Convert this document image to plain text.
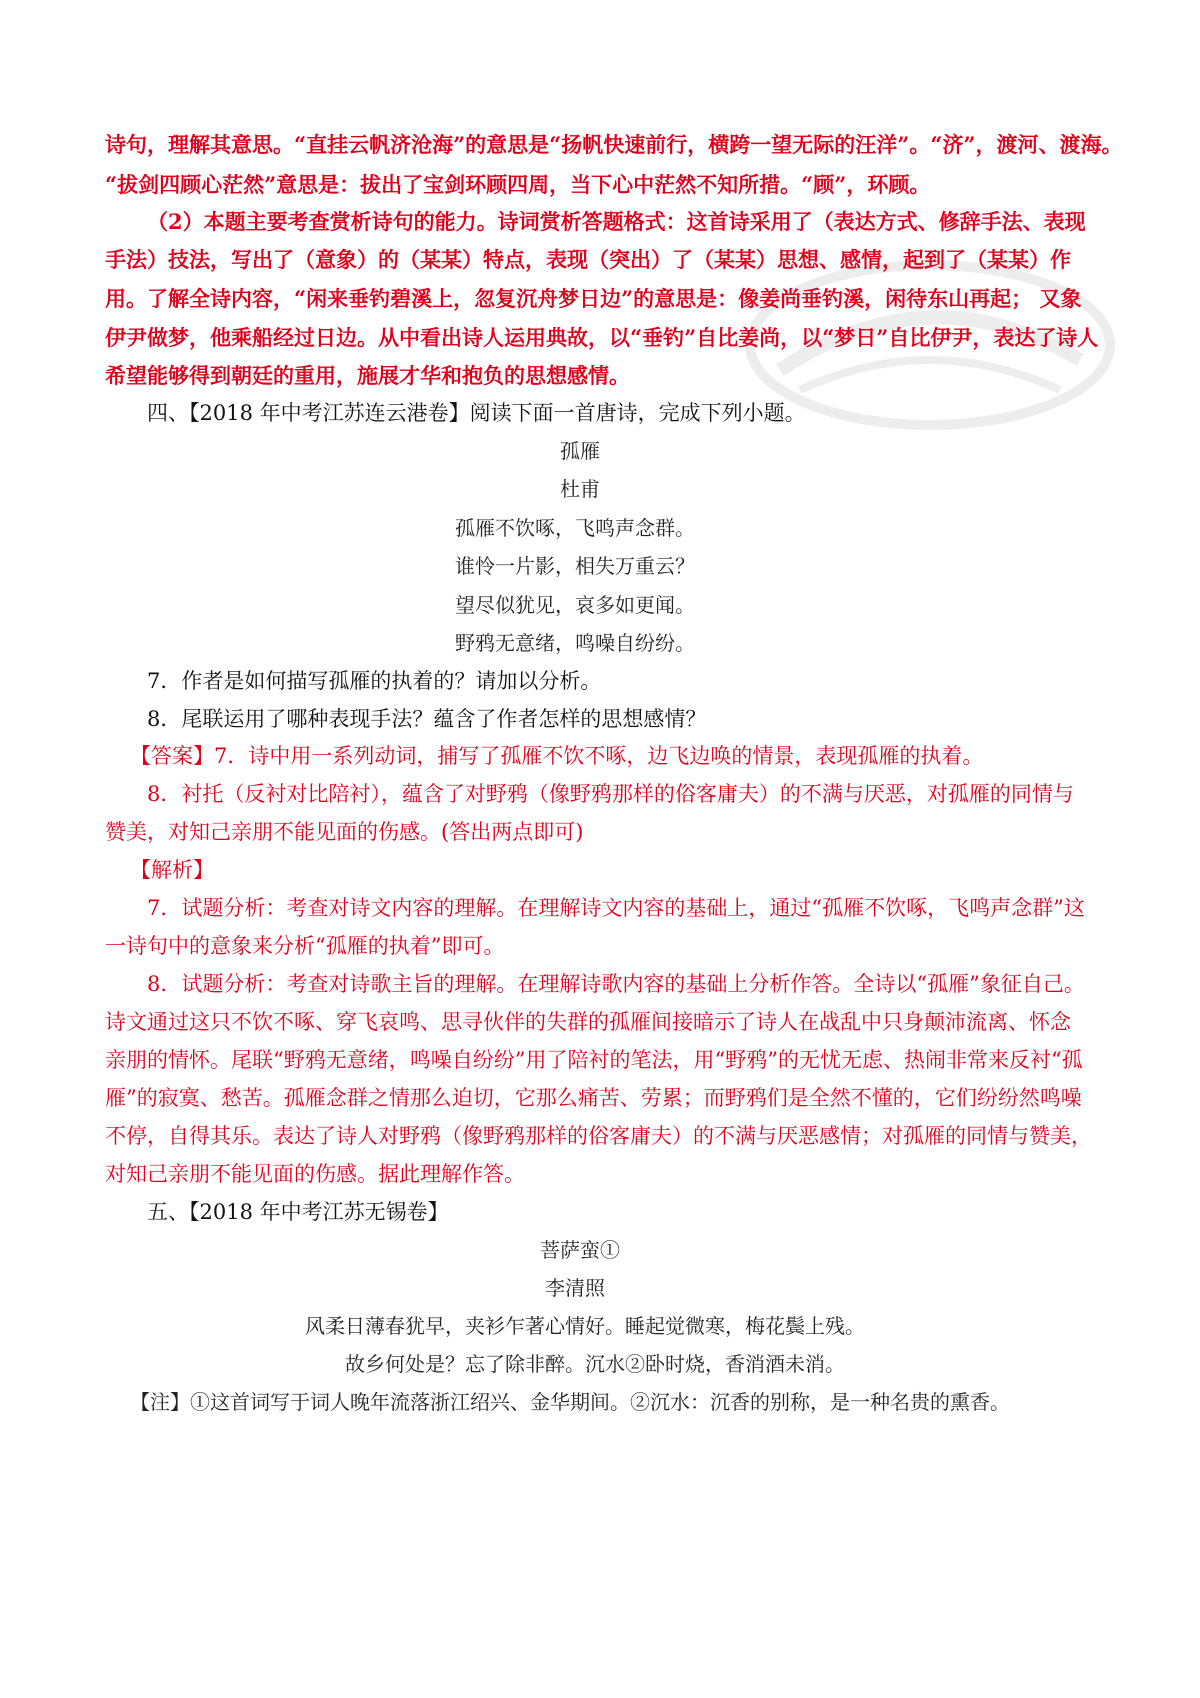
诗句，理解其意思。“直挂云帆济沧海”的意思是“扬帆快速前行，横跨一望无际的汪洋”。“济”，渡河、渡海。
“拔剑四顾心茫然”意思是：拔出了宝剑环顾四周，当下心中茫然不知所措。“顾”，环顾。
（2）本题主要考查赏析诗句的能力。诗词赏析答题格式：这首诗采用了（表达方式、修辞手法、表现
手法）技法，写出了（意象）的（某某）特点，表现（突出）了（某某）思想、感情，起到了（某某）作
用。了解全诗内容，“闲来垂钓碧溪上，忽复沉舟梦日边”的意思是：像姜尚垂钓溪，闲待东山再起； 又象
伊尹做梦，他乘船经过日边。从中看出诗人运用典故，以“垂钓”自比姜尚，以“梦日”自比伊尹，表达了诗人
希望能够得到朝廷的重用，施展才华和抱负的思想感情。
四、【2018 年中考江苏连云港卷】阅读下面一首唐诗，完成下列小题。
孤雁
杜甫
孤雁不饮啄，飞鸣声念群。
谁怜一片影，相失万重云？
望尽似犹见，哀多如更闻。
野鸦无意绪，鸣噪自纷纷。
7．作者是如何描写孤雁的执着的？请加以分析。
8．尾联运用了哪种表现手法？蕴含了作者怎样的思想感情？
【答案】7．诗中用一系列动词，捕写了孤雁不饮不啄，边飞边唤的情景，表现孤雁的执着。
8．衬托（反衬对比陪衬），蕴含了对野鸦（像野鸦那样的俗客庸夫）的不满与厌恶，对孤雁的同情与
赞美，对知己亲朋不能见面的伤感。(答出两点即可)
【解析】
7．试题分析：考查对诗文内容的理解。在理解诗文内容的基础上，通过“孤雁不饮啄，飞鸣声念群”这
一诗句中的意象来分析“孤雁的执着”即可。
8．试题分析：考查对诗歌主旨的理解。在理解诗歌内容的基础上分析作答。全诗以“孤雁”象征自己。
诗文通过这只不饮不啄、穿飞哀鸣、思寻伙伴的失群的孤雁间接暗示了诗人在战乱中只身颠沛流离、怀念
亲朋的情怀。尾联“野鸦无意绪，鸣噪自纷纷”用了陪衬的笔法，用“野鸦”的无忧无虑、热闹非常来反衬“孤
雁”的寂寞、愁苦。孤雁念群之情那么迫切，它那么痛苦、劳累；而野鸦们是全然不懂的，它们纷纷然鸣噪
不停，自得其乐。表达了诗人对野鸦（像野鸦那样的俗客庸夫）的不满与厌恶感情；对孤雁的同情与赞美，
对知己亲朋不能见面的伤感。据此理解作答。
五、【2018 年中考江苏无锡卷】
菩萨蛮①
李清照
风柔日薄春犹早，夹衫乍著心情好。睡起觉微寒，梅花鬓上残。
故乡何处是？忘了除非醉。沉水②卧时烧，香消酒未消。
【注】①这首词写于词人晚年流落浙江绍兴、金华期间。②沉水：沉香的别称，是一种名贵的熏香。
